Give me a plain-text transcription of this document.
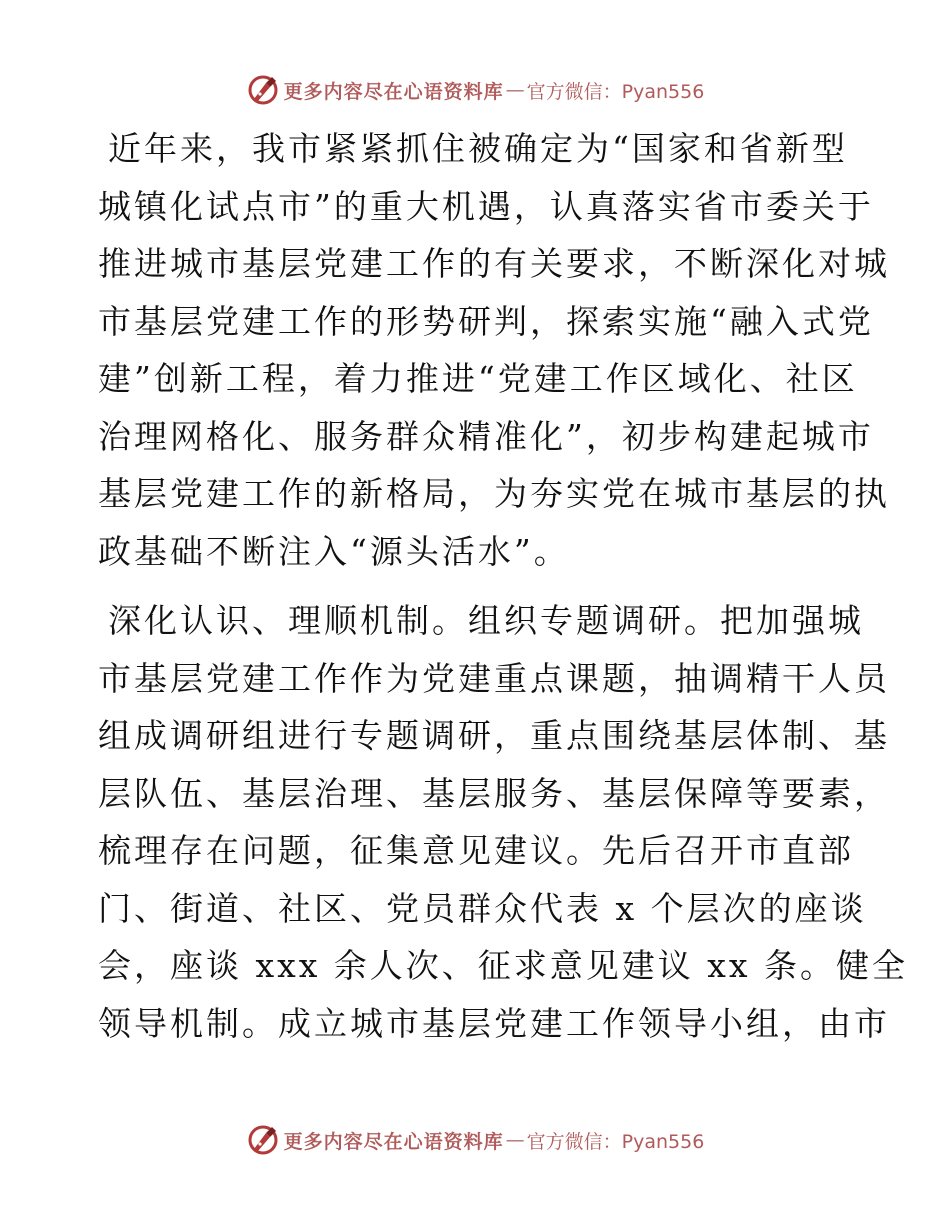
更多内容尽在心语资料库 — 官方微信：Pyan556
近年来，我市紧紧抓住被确定为“国家和省新型
城镇化试点市”的重大机遇，认真落实省市委关于
推进城市基层党建工作的有关要求，不断深化对城
市基层党建工作的形势研判，探索实施“融入式党
建”创新工程，着力推进“党建工作区域化、社区
治理网格化、服务群众精准化”，初步构建起城市
基层党建工作的新格局，为夯实党在城市基层的执
政基础不断注入“源头活水”。
深化认识、理顺机制。组织专题调研。把加强城
市基层党建工作作为党建重点课题，抽调精干人员
组成调研组进行专题调研，重点围绕基层体制、基
层队伍、基层治理、基层服务、基层保障等要素，
梳理存在问题，征集意见建议。先后召开市直部
门、街道、社区、党员群众代表 x 个层次的座谈
会，座谈 xxx 余人次、征求意见建议 xx 条。健全
领导机制。成立城市基层党建工作领导小组，由市
更多内容尽在心语资料库 — 官方微信：Pyan556
